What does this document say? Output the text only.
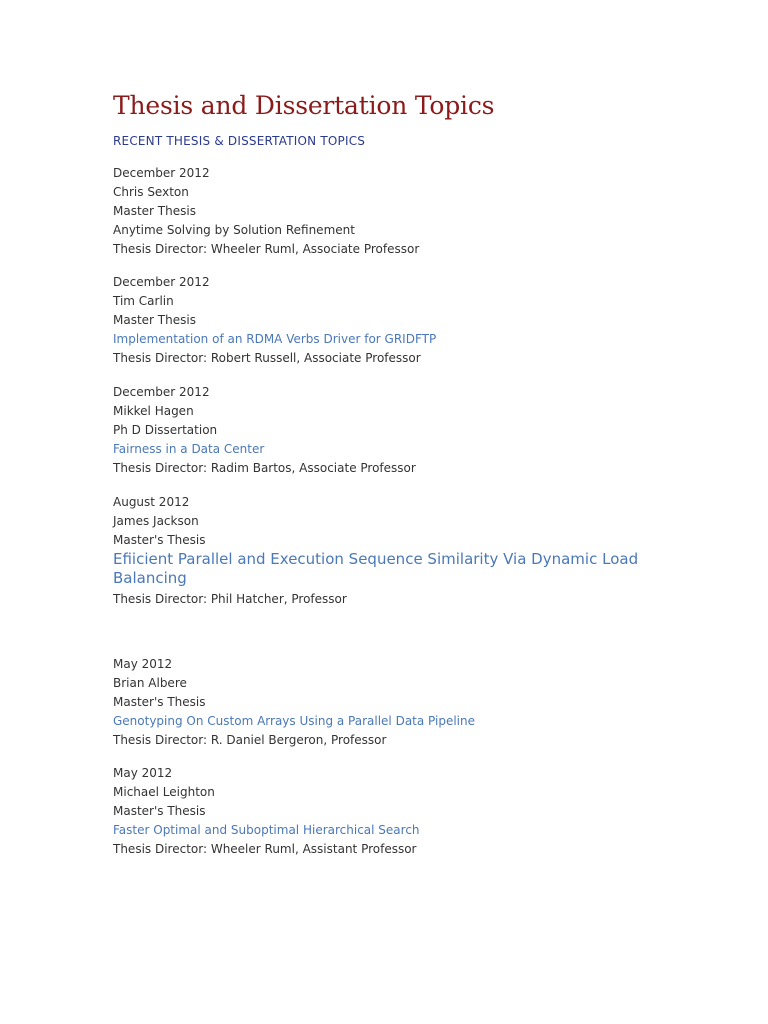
Thesis and Dissertation Topics
RECENT THESIS & DISSERTATION TOPICS
December 2012
Chris Sexton
Master Thesis
Anytime Solving by Solution Refinement
Thesis Director: Wheeler Ruml, Associate Professor
December 2012
Tim Carlin
Master Thesis
Implementation of an RDMA Verbs Driver for GRIDFTP
Thesis Director: Robert Russell, Associate Professor
December 2012
Mikkel Hagen
Ph D Dissertation
Fairness in a Data Center
Thesis Director: Radim Bartos, Associate Professor
August 2012
James Jackson
Master's Thesis
Efiicient Parallel and Execution Sequence Similarity Via Dynamic Load Balancing
Thesis Director: Phil Hatcher, Professor
May 2012
Brian Albere
Master's Thesis
Genotyping On Custom Arrays Using a Parallel Data Pipeline
Thesis Director: R. Daniel Bergeron, Professor
May 2012
Michael Leighton
Master's Thesis
Faster Optimal and Suboptimal Hierarchical Search
Thesis Director: Wheeler Ruml, Assistant Professor
